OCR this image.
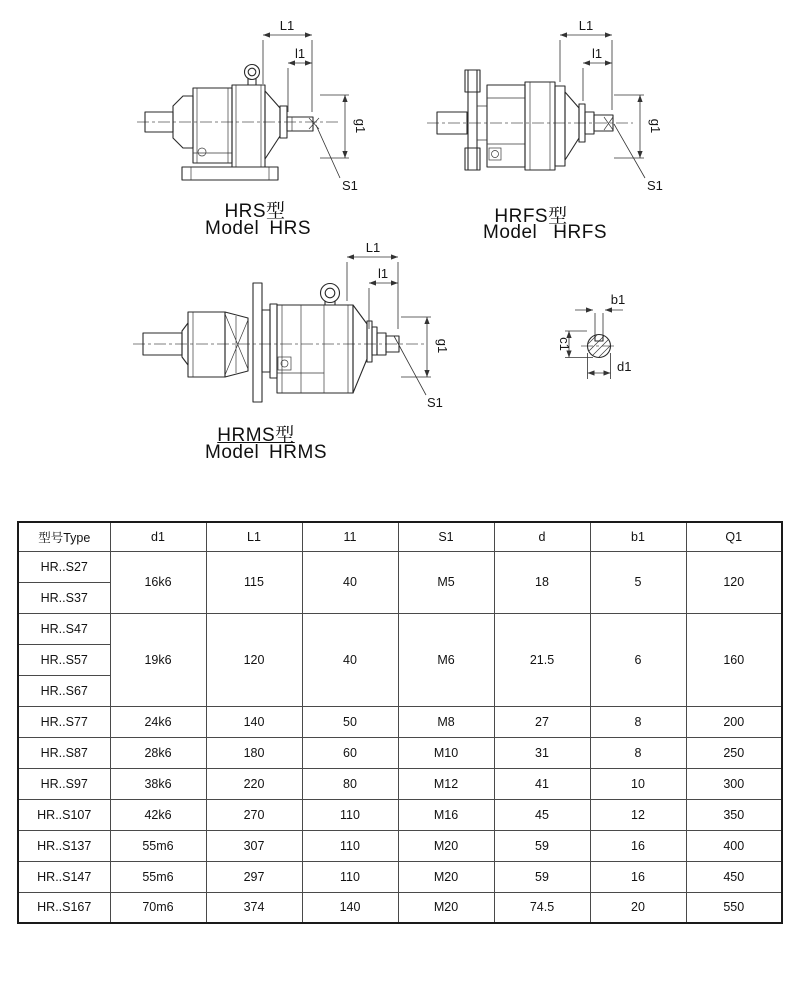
L1
l1
g1
S1
L1
l1
g1
S1
L1
l1
g1
S1
b1
c1
d1
HRS型
Model HRS
HRFS型
Model HRFS
HRMS型
Model HRMS
型号Type	d1	L1	11	S1	d	b1	Q1
HR..S27	16k6	115	40	M5	18	5	120
HR..S37							
HR..S47	19k6	120	40	M6	21.5	6	160
HR..S57							
HR..S67							
HR..S77	24k6	140	50	M8	27	8	200
HR..S87	28k6	180	60	M10	31	8	250
HR..S97	38k6	220	80	M12	41	10	300
HR..S107	42k6	270	110	M16	45	12	350
HR..S137	55m6	307	110	M20	59	16	400
HR..S147	55m6	297	110	M20	59	16	450
HR..S167	70m6	374	140	M20	74.5	20	550
